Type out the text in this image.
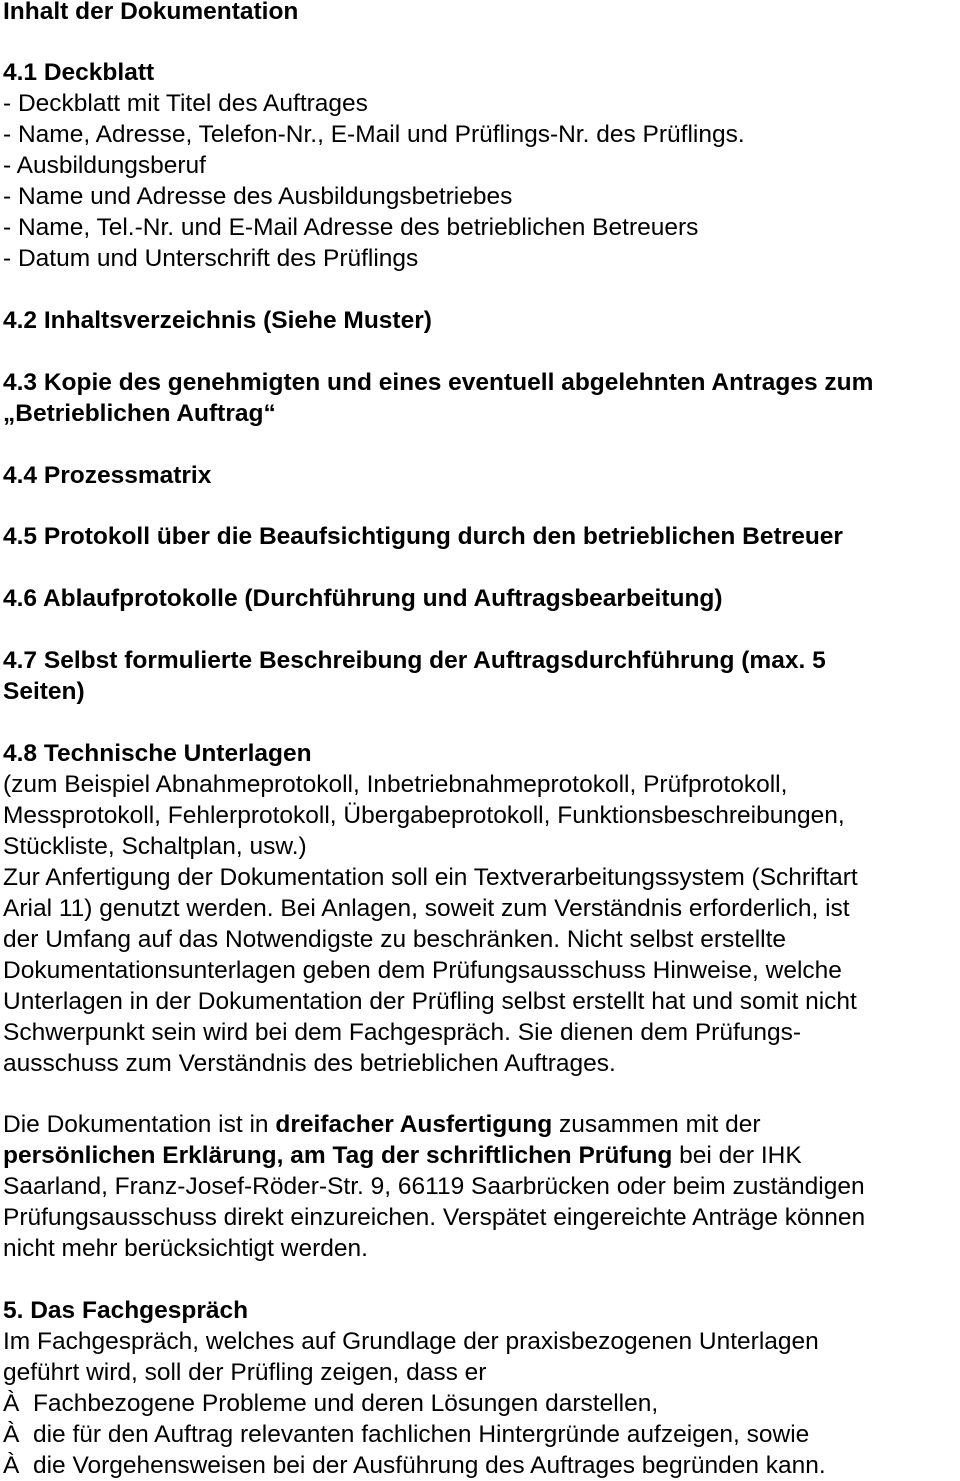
Inhalt der Dokumentation
4.1 Deckblatt
- Deckblatt mit Titel des Auftrages
- Name, Adresse, Telefon-Nr., E-Mail und Prüflings-Nr. des Prüflings.
- Ausbildungsberuf
- Name und Adresse des Ausbildungsbetriebes
- Name, Tel.-Nr. und E-Mail Adresse des betrieblichen Betreuers
- Datum und Unterschrift des Prüflings
4.2 Inhaltsverzeichnis (Siehe Muster)
4.3 Kopie des genehmigten und eines eventuell abgelehnten Antrages zum
„Betrieblichen Auftrag“
4.4 Prozessmatrix
4.5 Protokoll über die Beaufsichtigung durch den betrieblichen Betreuer
4.6 Ablaufprotokolle (Durchführung und Auftragsbearbeitung)
4.7 Selbst formulierte Beschreibung der Auftragsdurchführung (max. 5
Seiten)
4.8 Technische Unterlagen
(zum Beispiel Abnahmeprotokoll, Inbetriebnahmeprotokoll, Prüfprotokoll,
Messprotokoll, Fehlerprotokoll, Übergabeprotokoll, Funktionsbeschreibungen,
Stückliste, Schaltplan, usw.)
Zur Anfertigung der Dokumentation soll ein Textverarbeitungssystem (Schriftart
Arial 11) genutzt werden. Bei Anlagen, soweit zum Verständnis erforderlich, ist
der Umfang auf das Notwendigste zu beschränken. Nicht selbst erstellte
Dokumentationsunterlagen geben dem Prüfungsausschuss Hinweise, welche
Unterlagen in der Dokumentation der Prüfling selbst erstellt hat und somit nicht
Schwerpunkt sein wird bei dem Fachgespräch. Sie dienen dem Prüfungs-
ausschuss zum Verständnis des betrieblichen Auftrages.
Die Dokumentation ist in dreifacher Ausfertigung zusammen mit der
persönlichen Erklärung, am Tag der schriftlichen Prüfung bei der IHK
Saarland, Franz-Josef-Röder-Str. 9, 66119 Saarbrücken oder beim zuständigen
Prüfungsausschuss direkt einzureichen. Verspätet eingereichte Anträge können
nicht mehr berücksichtigt werden.
5. Das Fachgespräch
Im Fachgespräch, welches auf Grundlage der praxisbezogenen Unterlagen
geführt wird, soll der Prüfling zeigen, dass er
À  Fachbezogene Probleme und deren Lösungen darstellen,
À  die für den Auftrag relevanten fachlichen Hintergründe aufzeigen, sowie
À  die Vorgehensweisen bei der Ausführung des Auftrages begründen kann.
